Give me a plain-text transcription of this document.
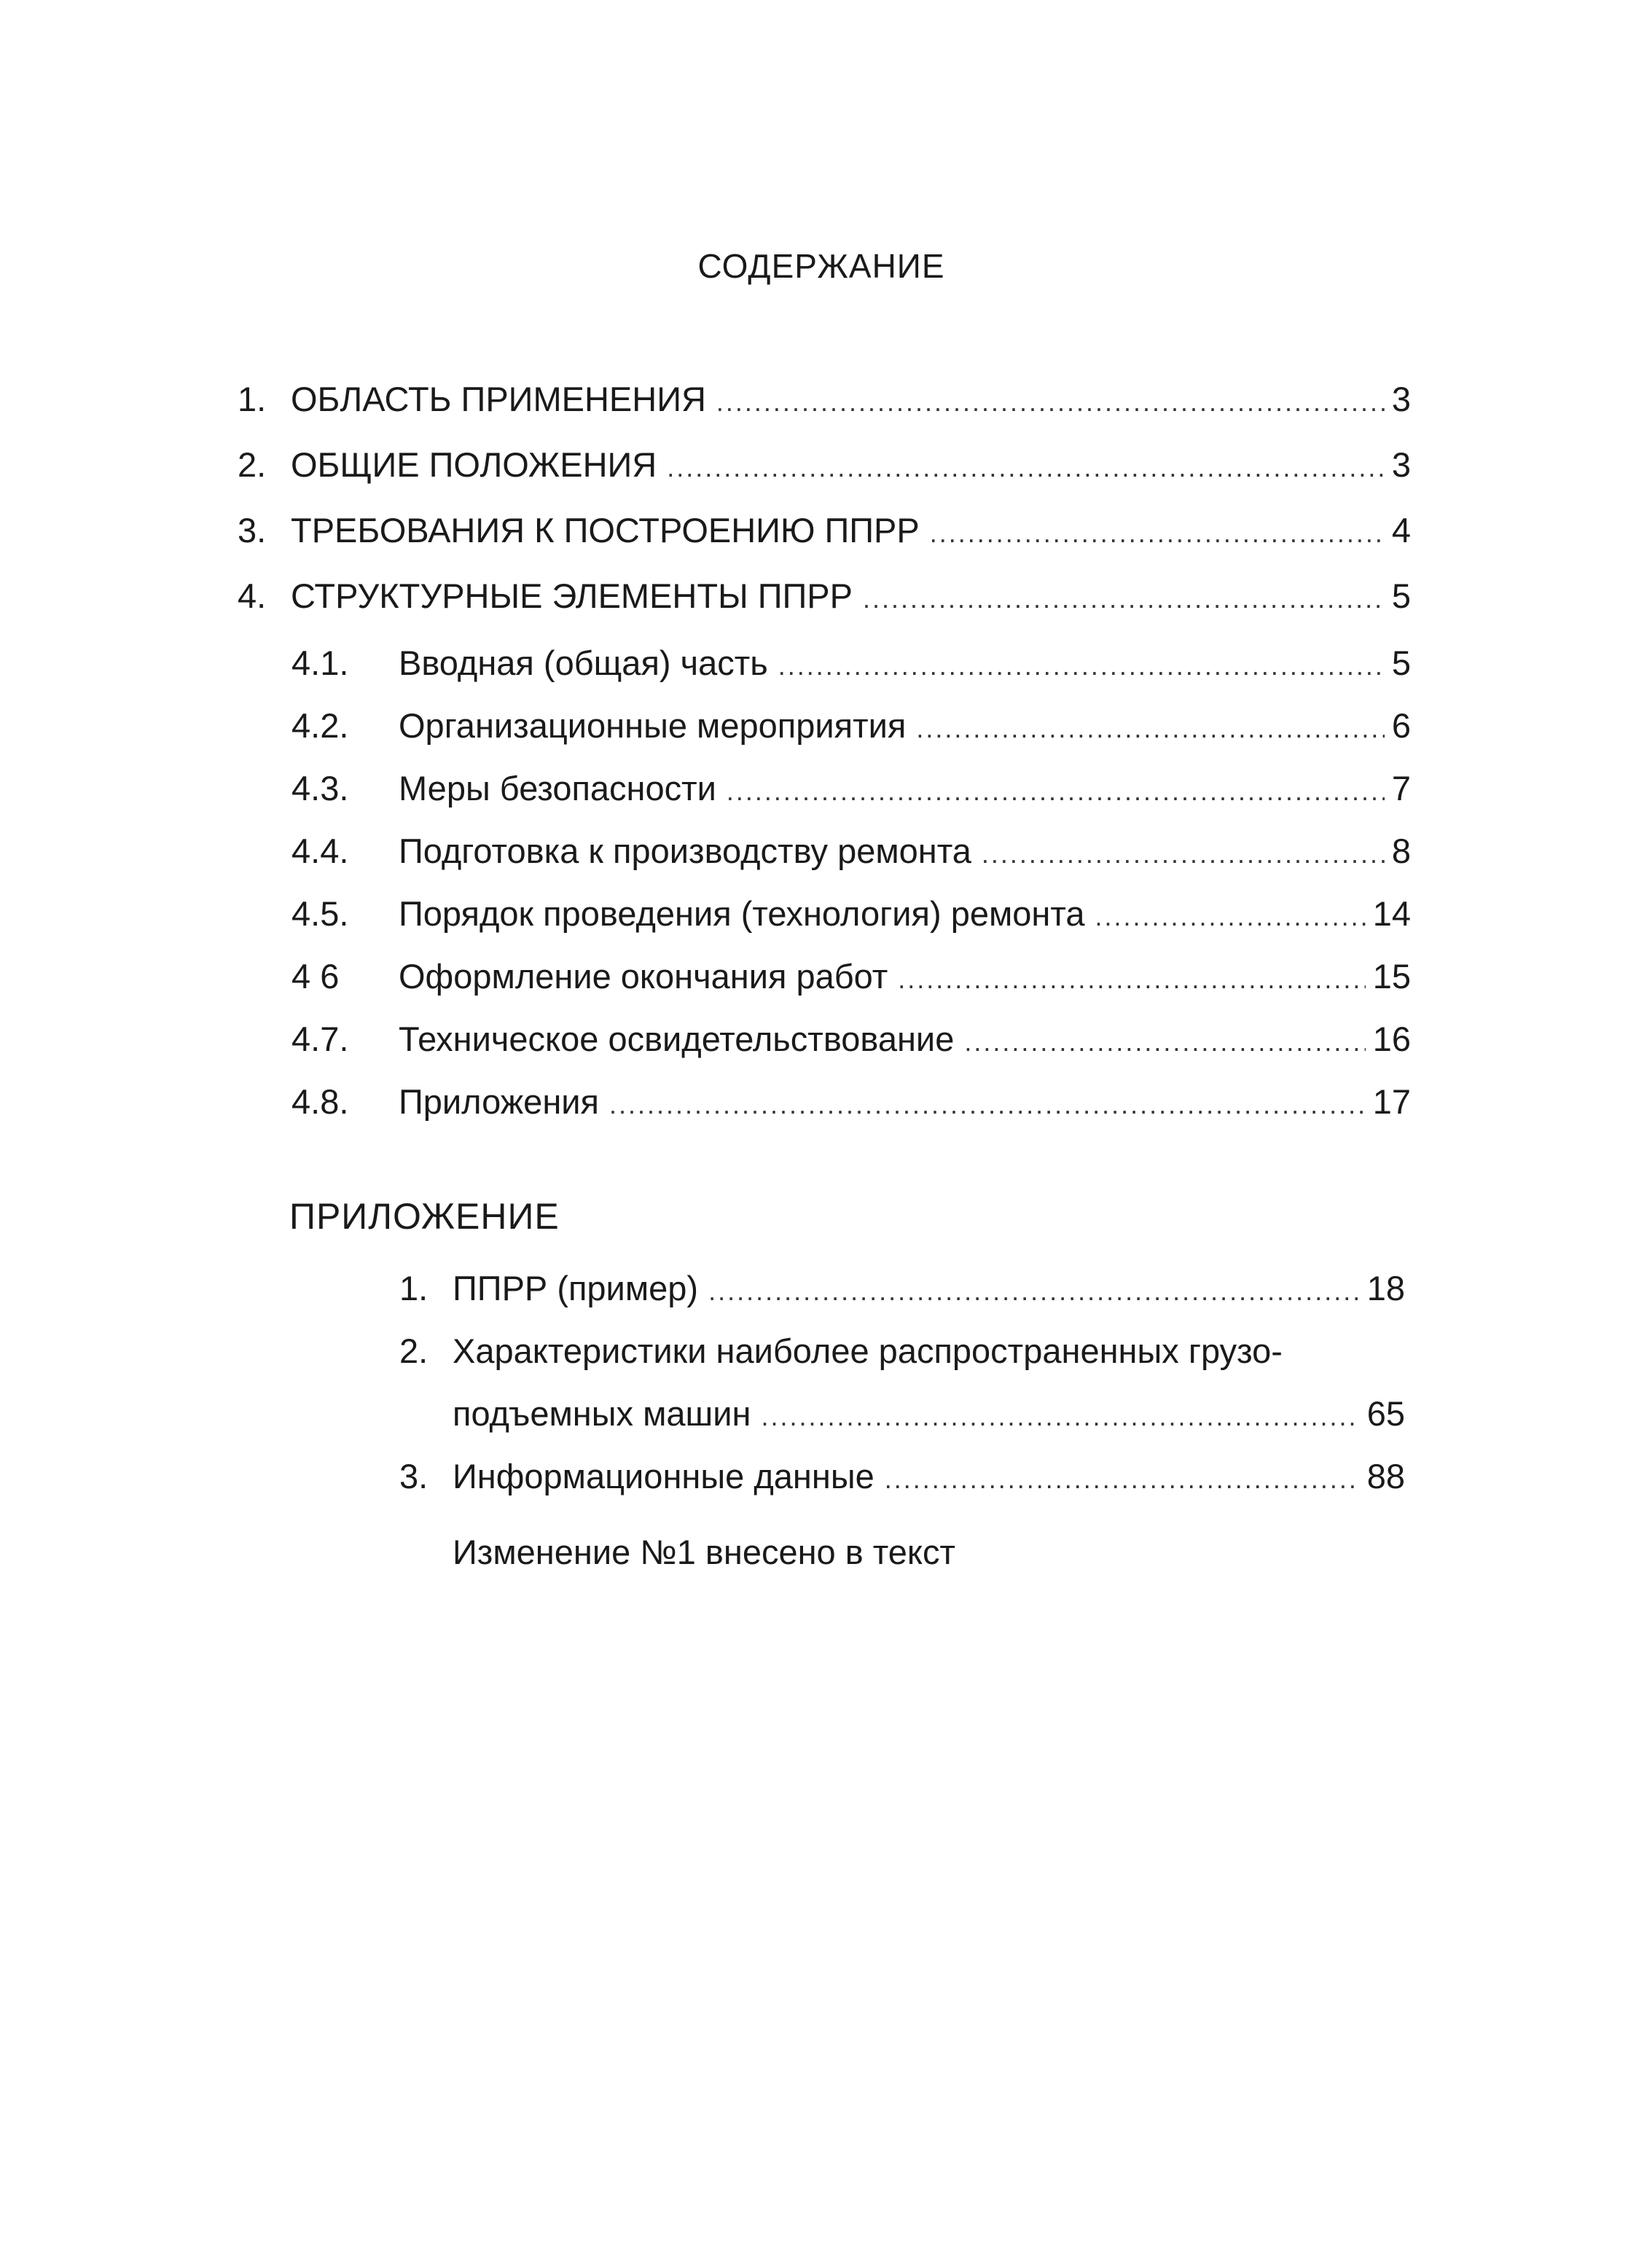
СОДЕРЖАНИЕ
1. ОБЛАСТЬ ПРИМЕНЕНИЯ .....	3
2. ОБЩИЕ ПОЛОЖЕНИЯ .....	3
3. ТРЕБОВАНИЯ К ПОСТРОЕНИЮ ППРР .....	4
4. СТРУКТУРНЫЕ ЭЛЕМЕНТЫ ППРР .....	5
4.1.	Вводная (общая) часть .....	5
4.2.	Организационные мероприятия .....	6
4.3.	Меры безопасности .....	7
4.4.	Подготовка к производству ремонта .....	8
4.5.	Порядок проведения (технология) ремонта .....	14
4 6	Оформление окончания работ .....	15
4.7.	Техническое освидетельствование .....	16
4.8.	Приложения .....	17
ПРИЛОЖЕНИЕ
1. ППРР (пример) .....	18
2. Характеристики наиболее распространенных грузо-
подъемных машин .....	65
3. Информационные данные .....	88
Изменение №1 внесено в текст
